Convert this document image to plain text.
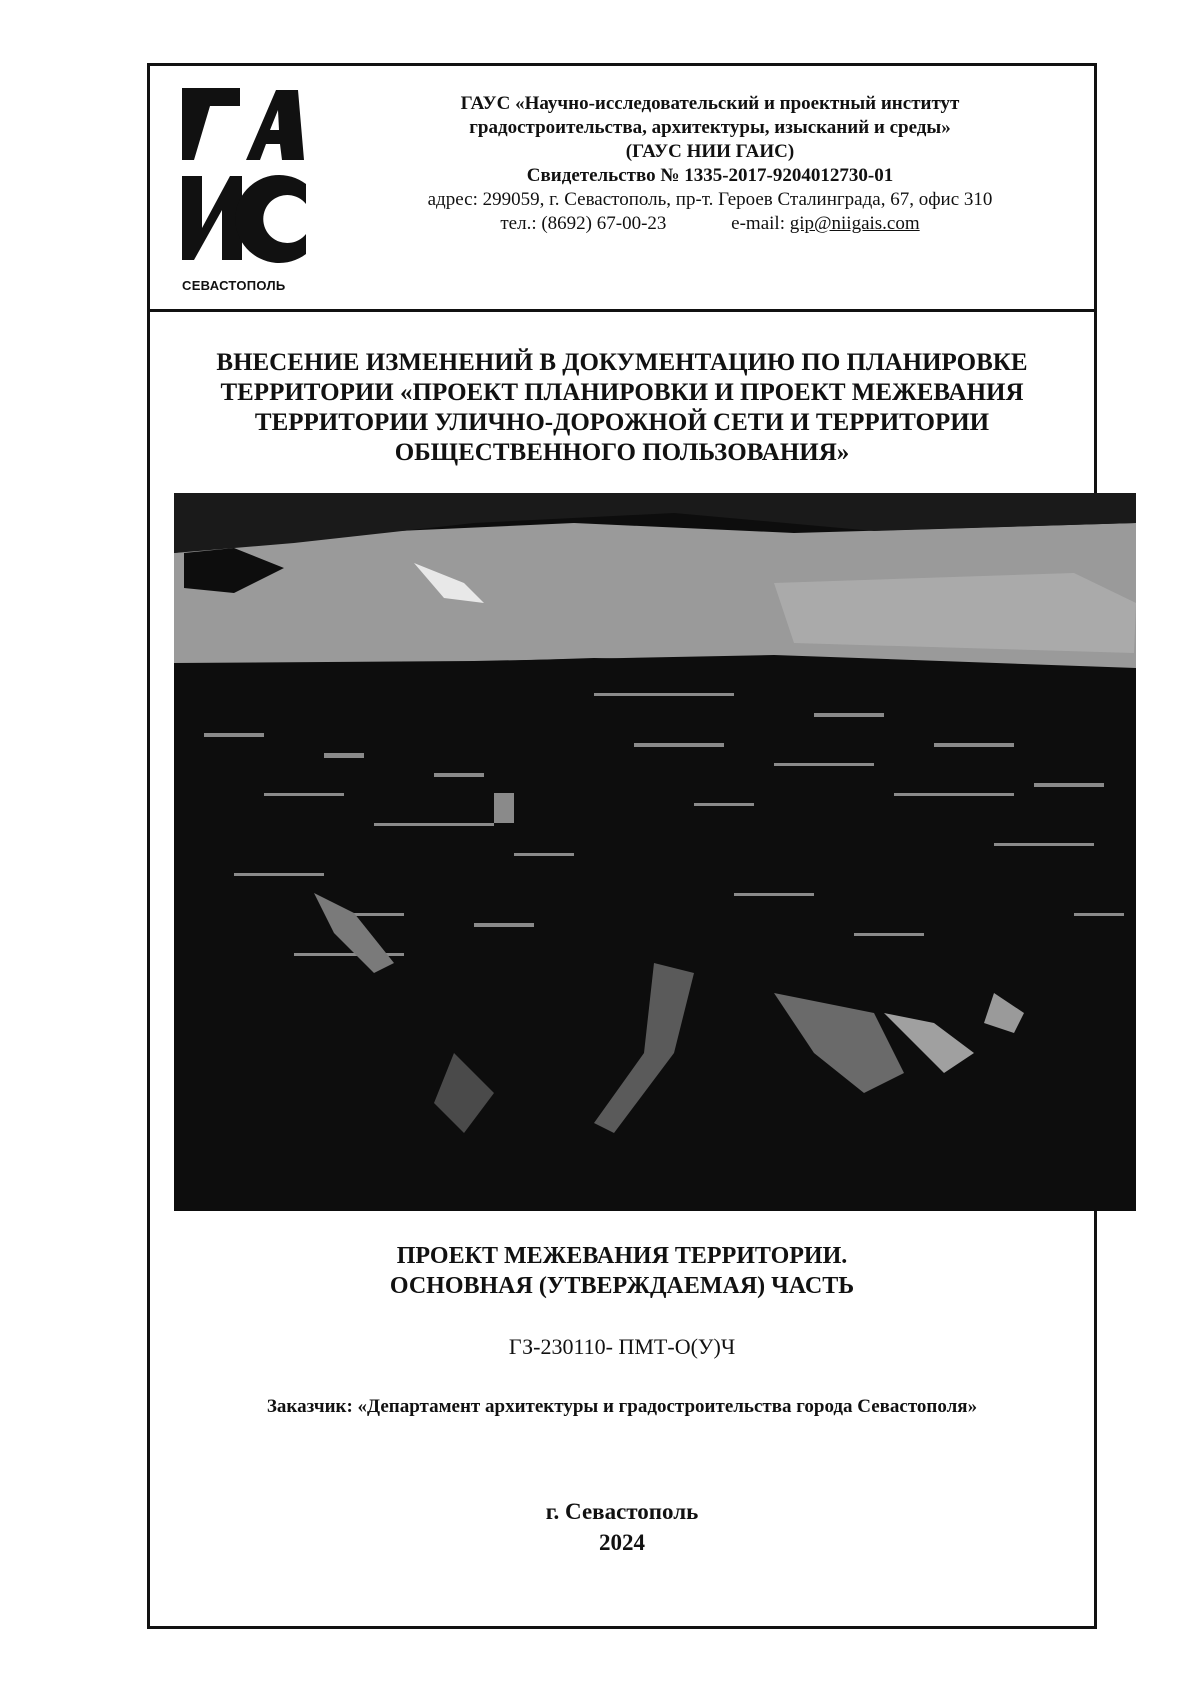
СЕВАСТОПОЛЬ
ГАУС «Научно-исследовательский и проектный институт
градостроительства, архитектуры, изысканий и среды»
(ГАУС НИИ ГАИС)
Свидетельство № 1335-2017-9204012730-01
адрес: 299059, г. Севастополь, пр-т. Героев Сталинграда, 67, офис 310
тел.: (8692) 67-00-23	e-mail: gip@niigais.com
ВНЕСЕНИЕ ИЗМЕНЕНИЙ В ДОКУМЕНТАЦИЮ ПО ПЛАНИРОВКЕ
ТЕРРИТОРИИ «ПРОЕКТ ПЛАНИРОВКИ И ПРОЕКТ МЕЖЕВАНИЯ
ТЕРРИТОРИИ УЛИЧНО-ДОРОЖНОЙ СЕТИ И ТЕРРИТОРИИ
ОБЩЕСТВЕННОГО ПОЛЬЗОВАНИЯ»
ПРОЕКТ МЕЖЕВАНИЯ ТЕРРИТОРИИ.
ОСНОВНАЯ (УТВЕРЖДАЕМАЯ) ЧАСТЬ
ГЗ-230110- ПМТ-О(У)Ч
Заказчик: «Департамент архитектуры и градостроительства города Севастополя»
г. Севастополь
2024
